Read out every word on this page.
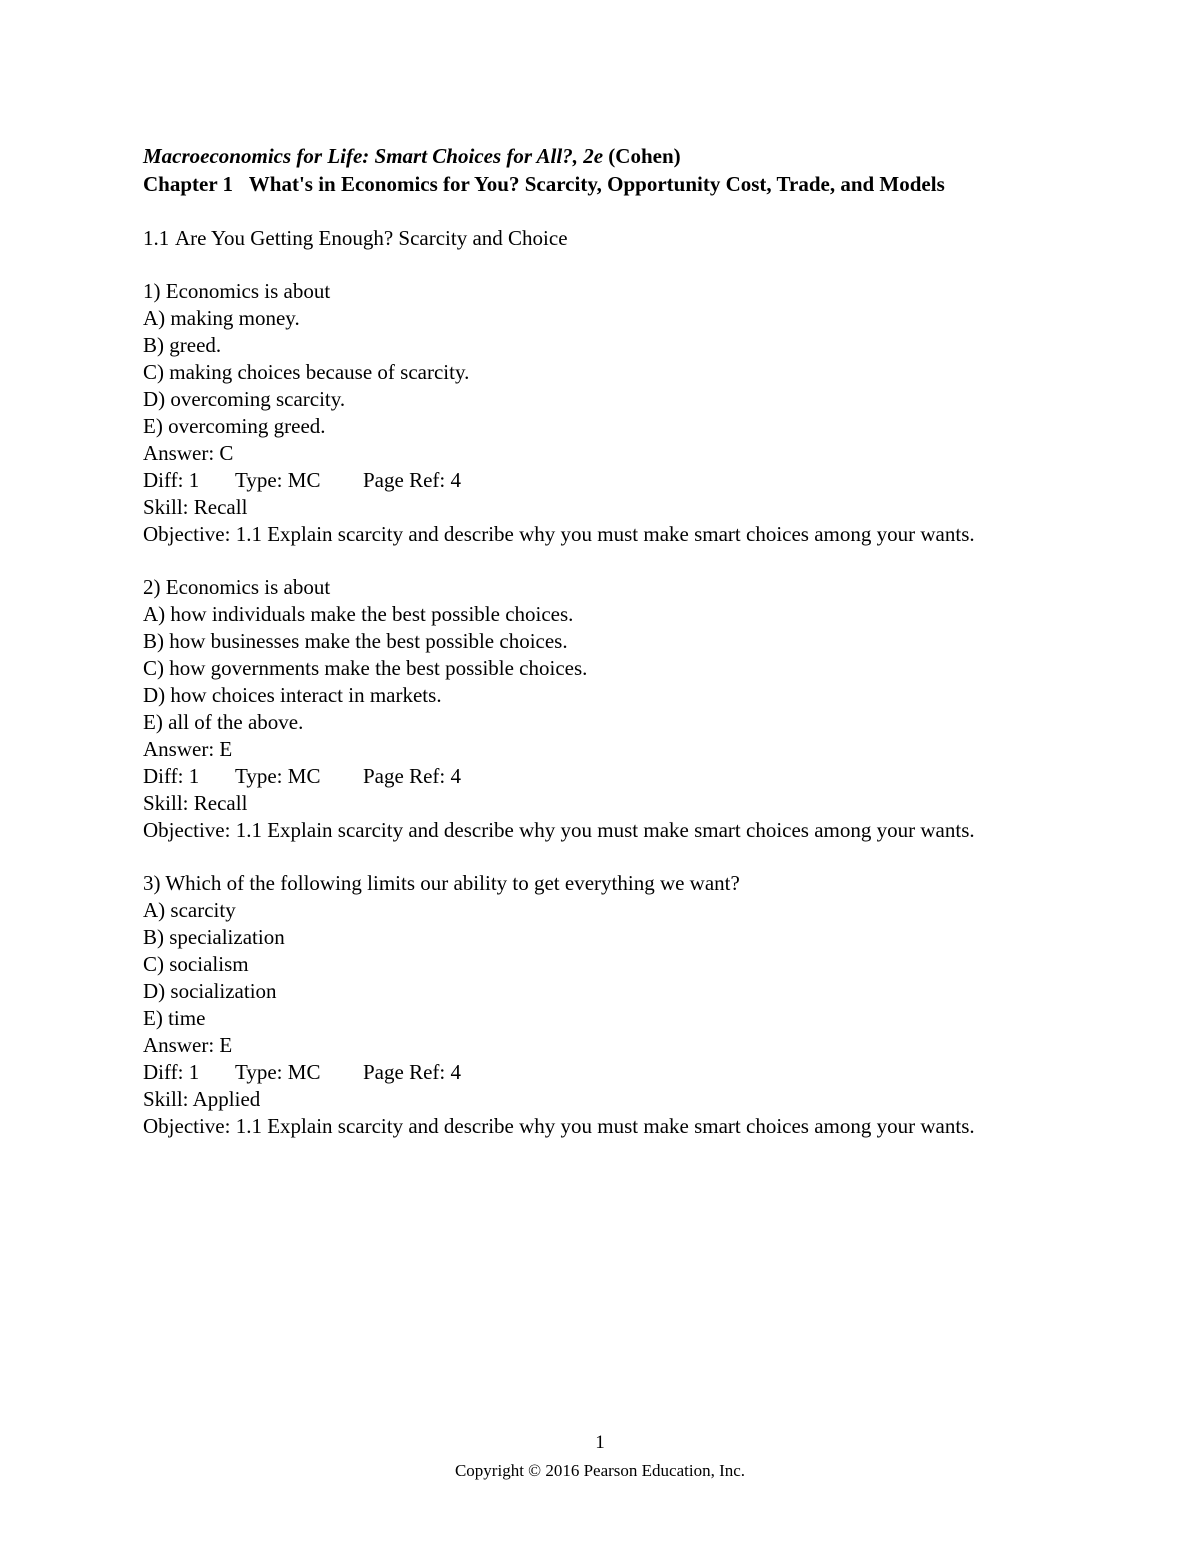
Macroeconomics for Life: Smart Choices for All?, 2e (Cohen)
Chapter 1 What's in Economics for You? Scarcity, Opportunity Cost, Trade, and Models
1.1 Are You Getting Enough? Scarcity and Choice
1) Economics is about
A) making money.
B) greed.
C) making choices because of scarcity.
D) overcoming scarcity.
E) overcoming greed.
Answer: C
Diff: 1 Type: MC Page Ref: 4
Skill: Recall
Objective: 1.1 Explain scarcity and describe why you must make smart choices among your wants.
2) Economics is about
A) how individuals make the best possible choices.
B) how businesses make the best possible choices.
C) how governments make the best possible choices.
D) how choices interact in markets.
E) all of the above.
Answer: E
Diff: 1 Type: MC Page Ref: 4
Skill: Recall
Objective: 1.1 Explain scarcity and describe why you must make smart choices among your wants.
3) Which of the following limits our ability to get everything we want?
A) scarcity
B) specialization
C) socialism
D) socialization
E) time
Answer: E
Diff: 1 Type: MC Page Ref: 4
Skill: Applied
Objective: 1.1 Explain scarcity and describe why you must make smart choices among your wants.
1
Copyright © 2016 Pearson Education, Inc.
